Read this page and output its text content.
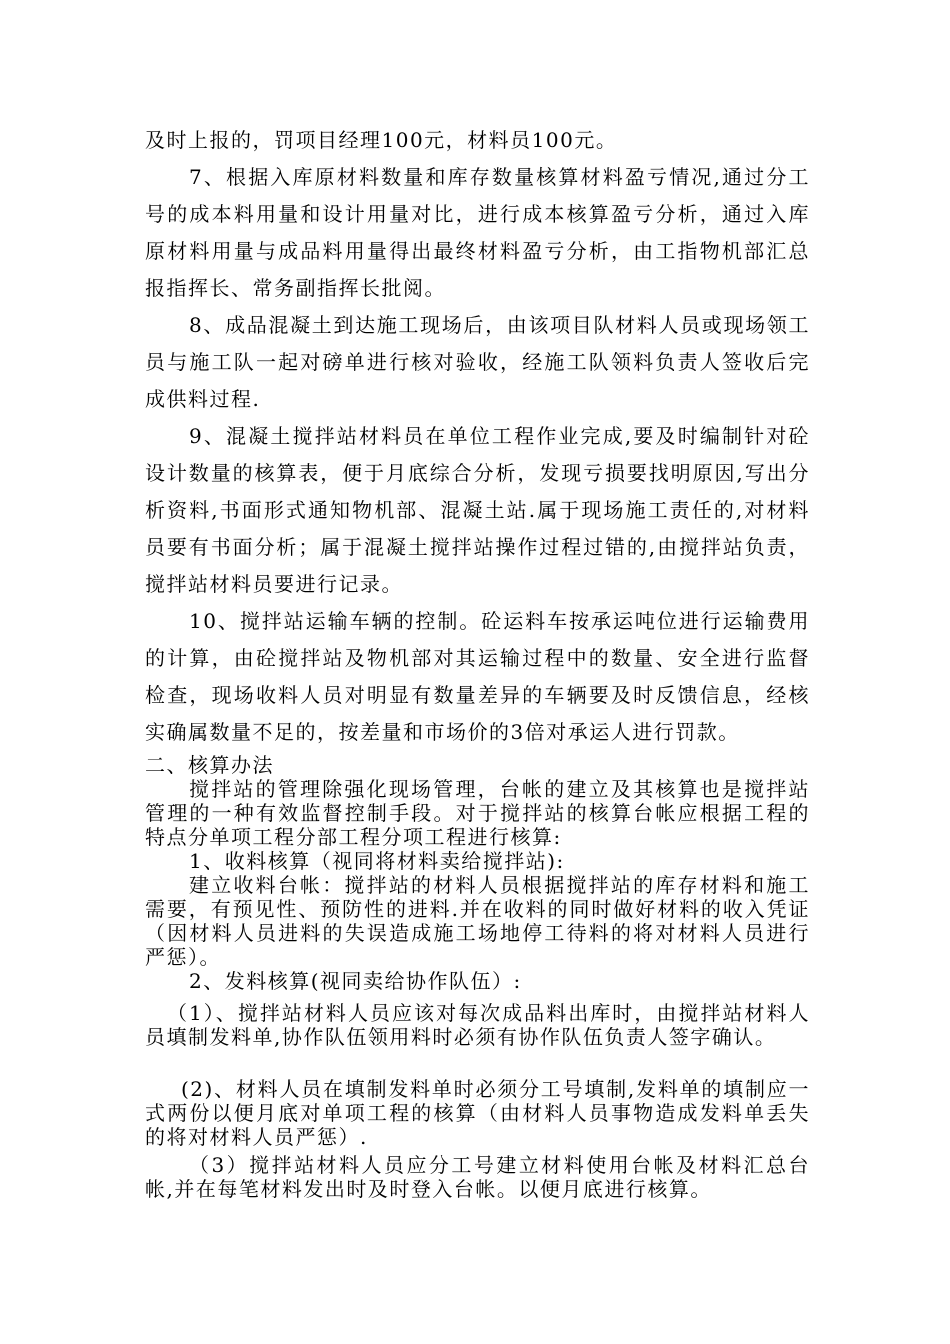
及时上报的，罚项目经理100元，材料员100元。

7、根据入库原材料数量和库存数量核算材料盈亏情况,通过分工号的成本料用量和设计用量对比，进行成本核算盈亏分析，通过入库原材料用量与成品料用量得出最终材料盈亏分析，由工指物机部汇总报指挥长、常务副指挥长批阅。

8、成品混凝土到达施工现场后，由该项目队材料人员或现场领工员与施工队一起对磅单进行核对验收，经施工队领料负责人签收后完成供料过程.

9、混凝土搅拌站材料员在单位工程作业完成,要及时编制针对砼设计数量的核算表，便于月底综合分析，发现亏损要找明原因,写出分析资料,书面形式通知物机部、混凝土站.属于现场施工责任的,对材料员要有书面分析；属于混凝土搅拌站操作过程过错的,由搅拌站负责，搅拌站材料员要进行记录。

10、搅拌站运输车辆的控制。砼运料车按承运吨位进行运输费用的计算，由砼搅拌站及物机部对其运输过程中的数量、安全进行监督检查，现场收料人员对明显有数量差异的车辆要及时反馈信息，经核实确属数量不足的，按差量和市场价的3倍对承运人进行罚款。

二、核算办法

搅拌站的管理除强化现场管理，台帐的建立及其核算也是搅拌站管理的一种有效监督控制手段。对于搅拌站的核算台帐应根据工程的特点分单项工程分部工程分项工程进行核算:

1、收料核算（视同将材料卖给搅拌站):

建立收料台帐：搅拌站的材料人员根据搅拌站的库存材料和施工需要，有预见性、预防性的进料.并在收料的同时做好材料的收入凭证（因材料人员进料的失误造成施工场地停工待料的将对材料人员进行严惩）。

2、发料核算(视同卖给协作队伍）:

（1）、搅拌站材料人员应该对每次成品料出库时，由搅拌站材料人员填制发料单,协作队伍领用料时必须有协作队伍负责人签字确认。

(2)、材料人员在填制发料单时必须分工号填制,发料单的填制应一式两份以便月底对单项工程的核算（由材料人员事物造成发料单丢失的将对材料人员严惩）.

（3）搅拌站材料人员应分工号建立材料使用台帐及材料汇总台帐,并在每笔材料发出时及时登入台帐。以便月底进行核算。
